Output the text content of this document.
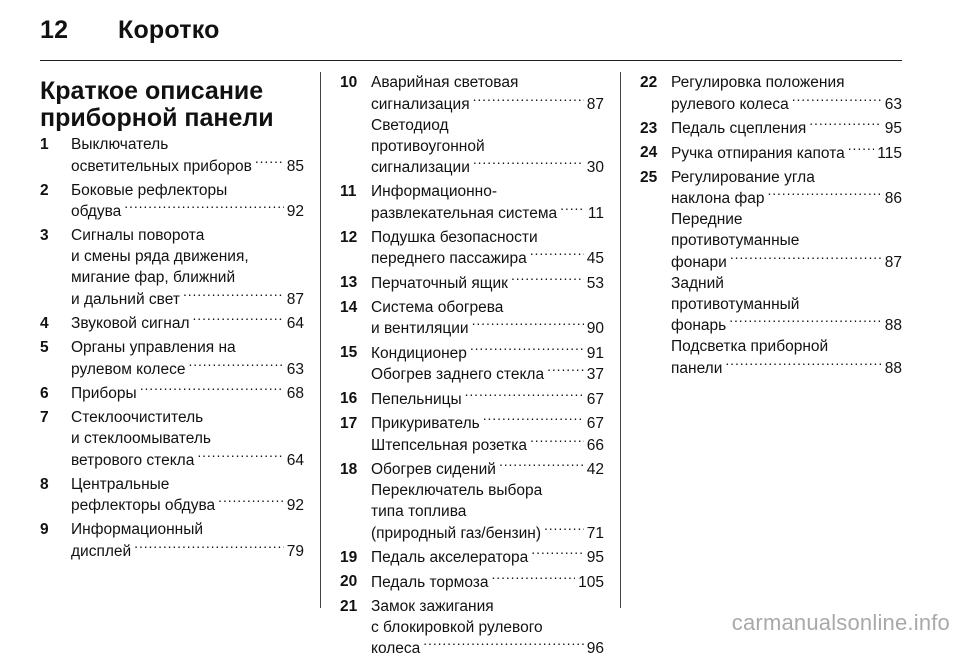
12 Коротко
Краткое описание
приборной панели
1 Выключатель
осветительных приборов . . . 85
2 Боковые рефлекторы
обдува . . .	92
3 Сигналы поворота
и смены ряда движения,
мигание фар, ближний
и дальний свет . . .	87
4 Звуковой сигнал . . .	64
5 Органы управления на
рулевом колесе . . .	63
6 Приборы . . .	68
7 Стеклоочиститель
и стеклоомыватель
ветрового стекла . . .	64
8 Центральные
рефлекторы обдува . . .	92
9 Информационный
дисплей . . .	79
10 Аварийная световая
сигнализация . . .	87
Светодиод
противоугонной
сигнализации . . .	30
11 Информационно-
развлекательная система . . . 11
12 Подушка безопасности
переднего пассажира . . .	45
13 Перчаточный ящик . . .	53
14 Система обогрева
и вентиляции . . .	90
15 Кондиционер . . .	91
Обогрев заднего стекла . . .	37
16 Пепельницы . . .	67
17 Прикуриватель . . .	67
Штепсельная розетка . . .	66
18 Обогрев сидений . . .	42
Переключатель выбора
типа топлива
(природный газ/бензин) . . .	71
19 Педаль акселератора . . .	95
20 Педаль тормоза . . .	105
21 Замок зажигания
с блокировкой рулевого
колеса . . .	96
22 Регулировка положения
рулевого колеса . . .	63
23 Педаль сцепления . . .	95
24 Ручка отпирания капота . . . 115
25 Регулирование угла
наклона фар . . .	86
Передние
противотуманные
фонари . . .	87
Задний
противотуманный
фонарь . . .	88
Подсветка приборной
панели . . .	88
carmanualsonline.info
